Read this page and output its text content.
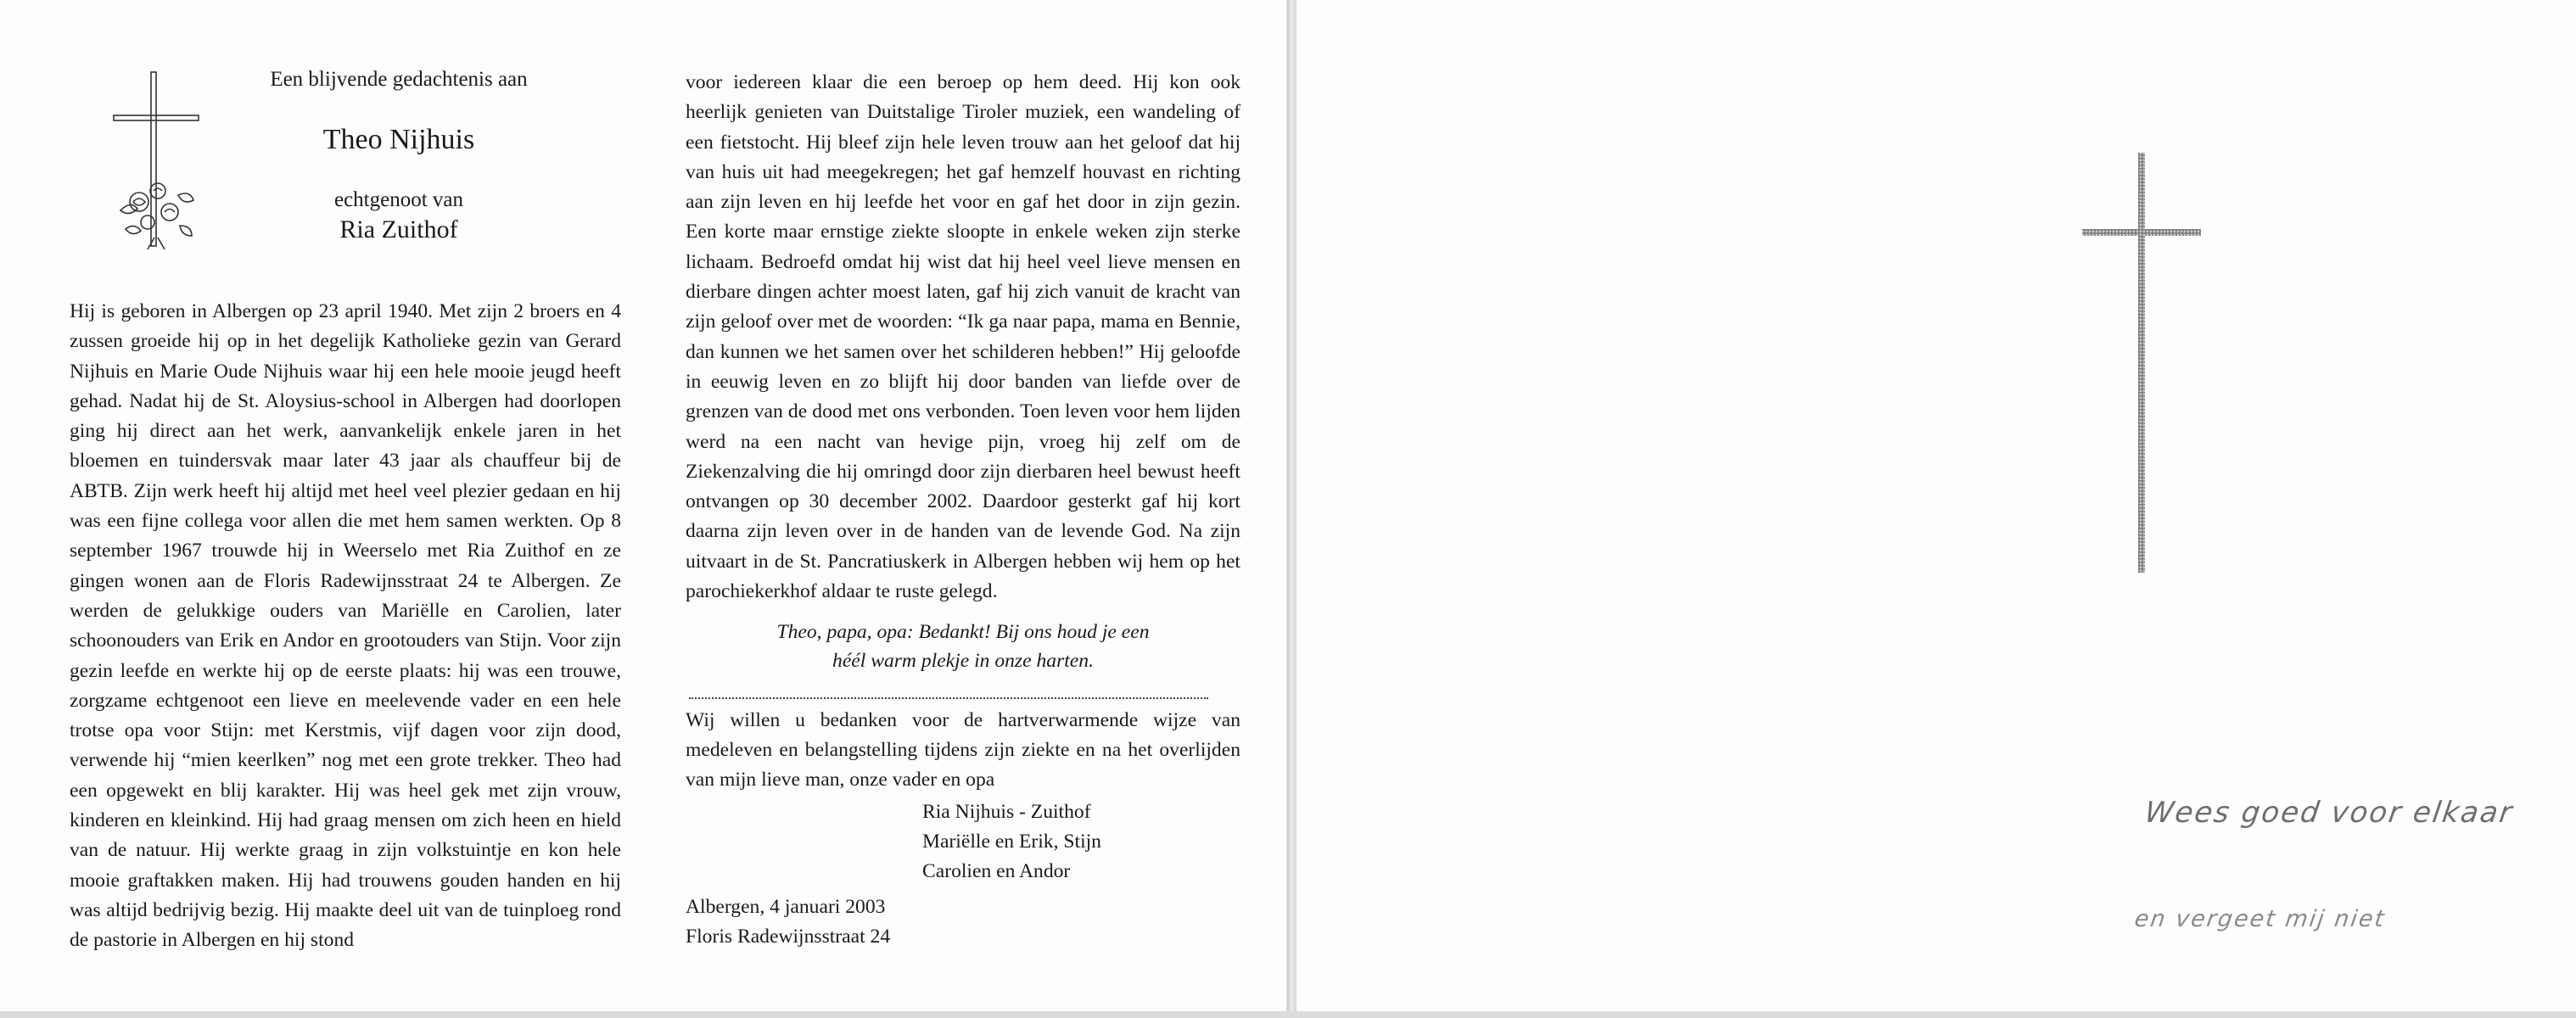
Een blijvende gedachtenis aan
Theo Nijhuis
echtgenoot van
Ria Zuithof
Hij is geboren in Albergen op 23 april 1940. Met zijn 2 broers en 4 zussen groeide hij op in het degelijk Katholieke gezin van Gerard Nijhuis en Marie Oude Nijhuis waar hij een hele mooie jeugd heeft gehad. Nadat hij de St. Aloysius-school in Albergen had doorlopen ging hij direct aan het werk, aanvankelijk enkele jaren in het bloemen en tuindersvak maar later 43 jaar als chauffeur bij de ABTB. Zijn werk heeft hij altijd met heel veel plezier gedaan en hij was een fijne collega voor allen die met hem samen werkten. Op 8 september 1967 trouwde hij in Weerselo met Ria Zuithof en ze gingen wonen aan de Floris Radewijnsstraat 24 te Albergen. Ze werden de gelukkige ouders van Mariëlle en Carolien, later schoonouders van Erik en Andor en grootouders van Stijn. Voor zijn gezin leefde en werkte hij op de eerste plaats: hij was een trouwe, zorgzame echtgenoot een lieve en meelevende vader en een hele trotse opa voor Stijn: met Kerstmis, vijf dagen voor zijn dood, verwende hij “mien keerlken” nog met een grote trekker. Theo had een opgewekt en blij karakter. Hij was heel gek met zijn vrouw, kinderen en kleinkind. Hij had graag mensen om zich heen en hield van de natuur. Hij werkte graag in zijn volkstuintje en kon hele mooie graftakken maken. Hij had trouwens gouden handen en hij was altijd bedrijvig bezig. Hij maakte deel uit van de tuinploeg rond de pastorie in Albergen en hij stond
voor iedereen klaar die een beroep op hem deed. Hij kon ook heerlijk genieten van Duitstalige Tiroler muziek, een wandeling of een fietstocht. Hij bleef zijn hele leven trouw aan het geloof dat hij van huis uit had meegekregen; het gaf hemzelf houvast en richting aan zijn leven en hij leefde het voor en gaf het door in zijn gezin. Een korte maar ernstige ziekte sloopte in enkele weken zijn sterke lichaam. Bedroefd omdat hij wist dat hij heel veel lieve mensen en dierbare dingen achter moest laten, gaf hij zich vanuit de kracht van zijn geloof over met de woorden: “Ik ga naar papa, mama en Bennie, dan kunnen we het samen over het schilderen hebben!” Hij geloofde in eeuwig leven en zo blijft hij door banden van liefde over de grenzen van de dood met ons verbonden. Toen leven voor hem lijden werd na een nacht van hevige pijn, vroeg hij zelf om de Ziekenzalving die hij omringd door zijn dierbaren heel bewust heeft ontvangen op 30 december 2002. Daardoor gesterkt gaf hij kort daarna zijn leven over in de handen van de levende God. Na zijn uitvaart in de St. Pancratiuskerk in Albergen hebben wij hem op het parochiekerkhof aldaar te ruste gelegd.
Theo, papa, opa: Bedankt! Bij ons houd je een
héél warm plekje in onze harten.
Wij willen u bedanken voor de hartverwarmende wijze van medeleven en belangstelling tijdens zijn ziekte en na het overlijden van mijn lieve man, onze vader en opa
Ria Nijhuis - Zuithof
Mariëlle en Erik, Stijn
Carolien en Andor
Albergen, 4 januari 2003
Floris Radewijnsstraat 24
Wees goed voor elkaar
en vergeet mij niet
